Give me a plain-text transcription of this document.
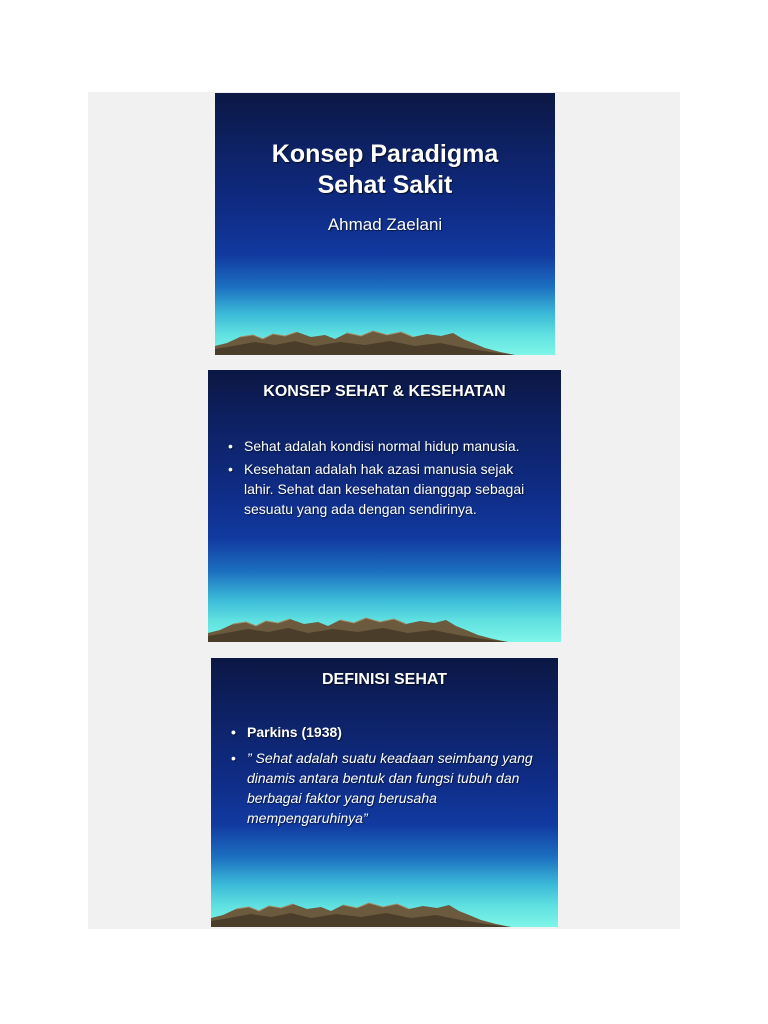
Konsep Paradigma
Sehat Sakit
Ahmad Zaelani
KONSEP SEHAT & KESEHATAN
• Sehat adalah kondisi normal hidup manusia.
• Kesehatan adalah hak azasi manusia sejak lahir. Sehat dan kesehatan dianggap sebagai sesuatu yang ada dengan sendirinya.
DEFINISI SEHAT
• Parkins (1938)
• ” Sehat adalah suatu keadaan seimbang yang dinamis antara bentuk dan fungsi tubuh dan berbagai faktor yang berusaha mempengaruhinya”
